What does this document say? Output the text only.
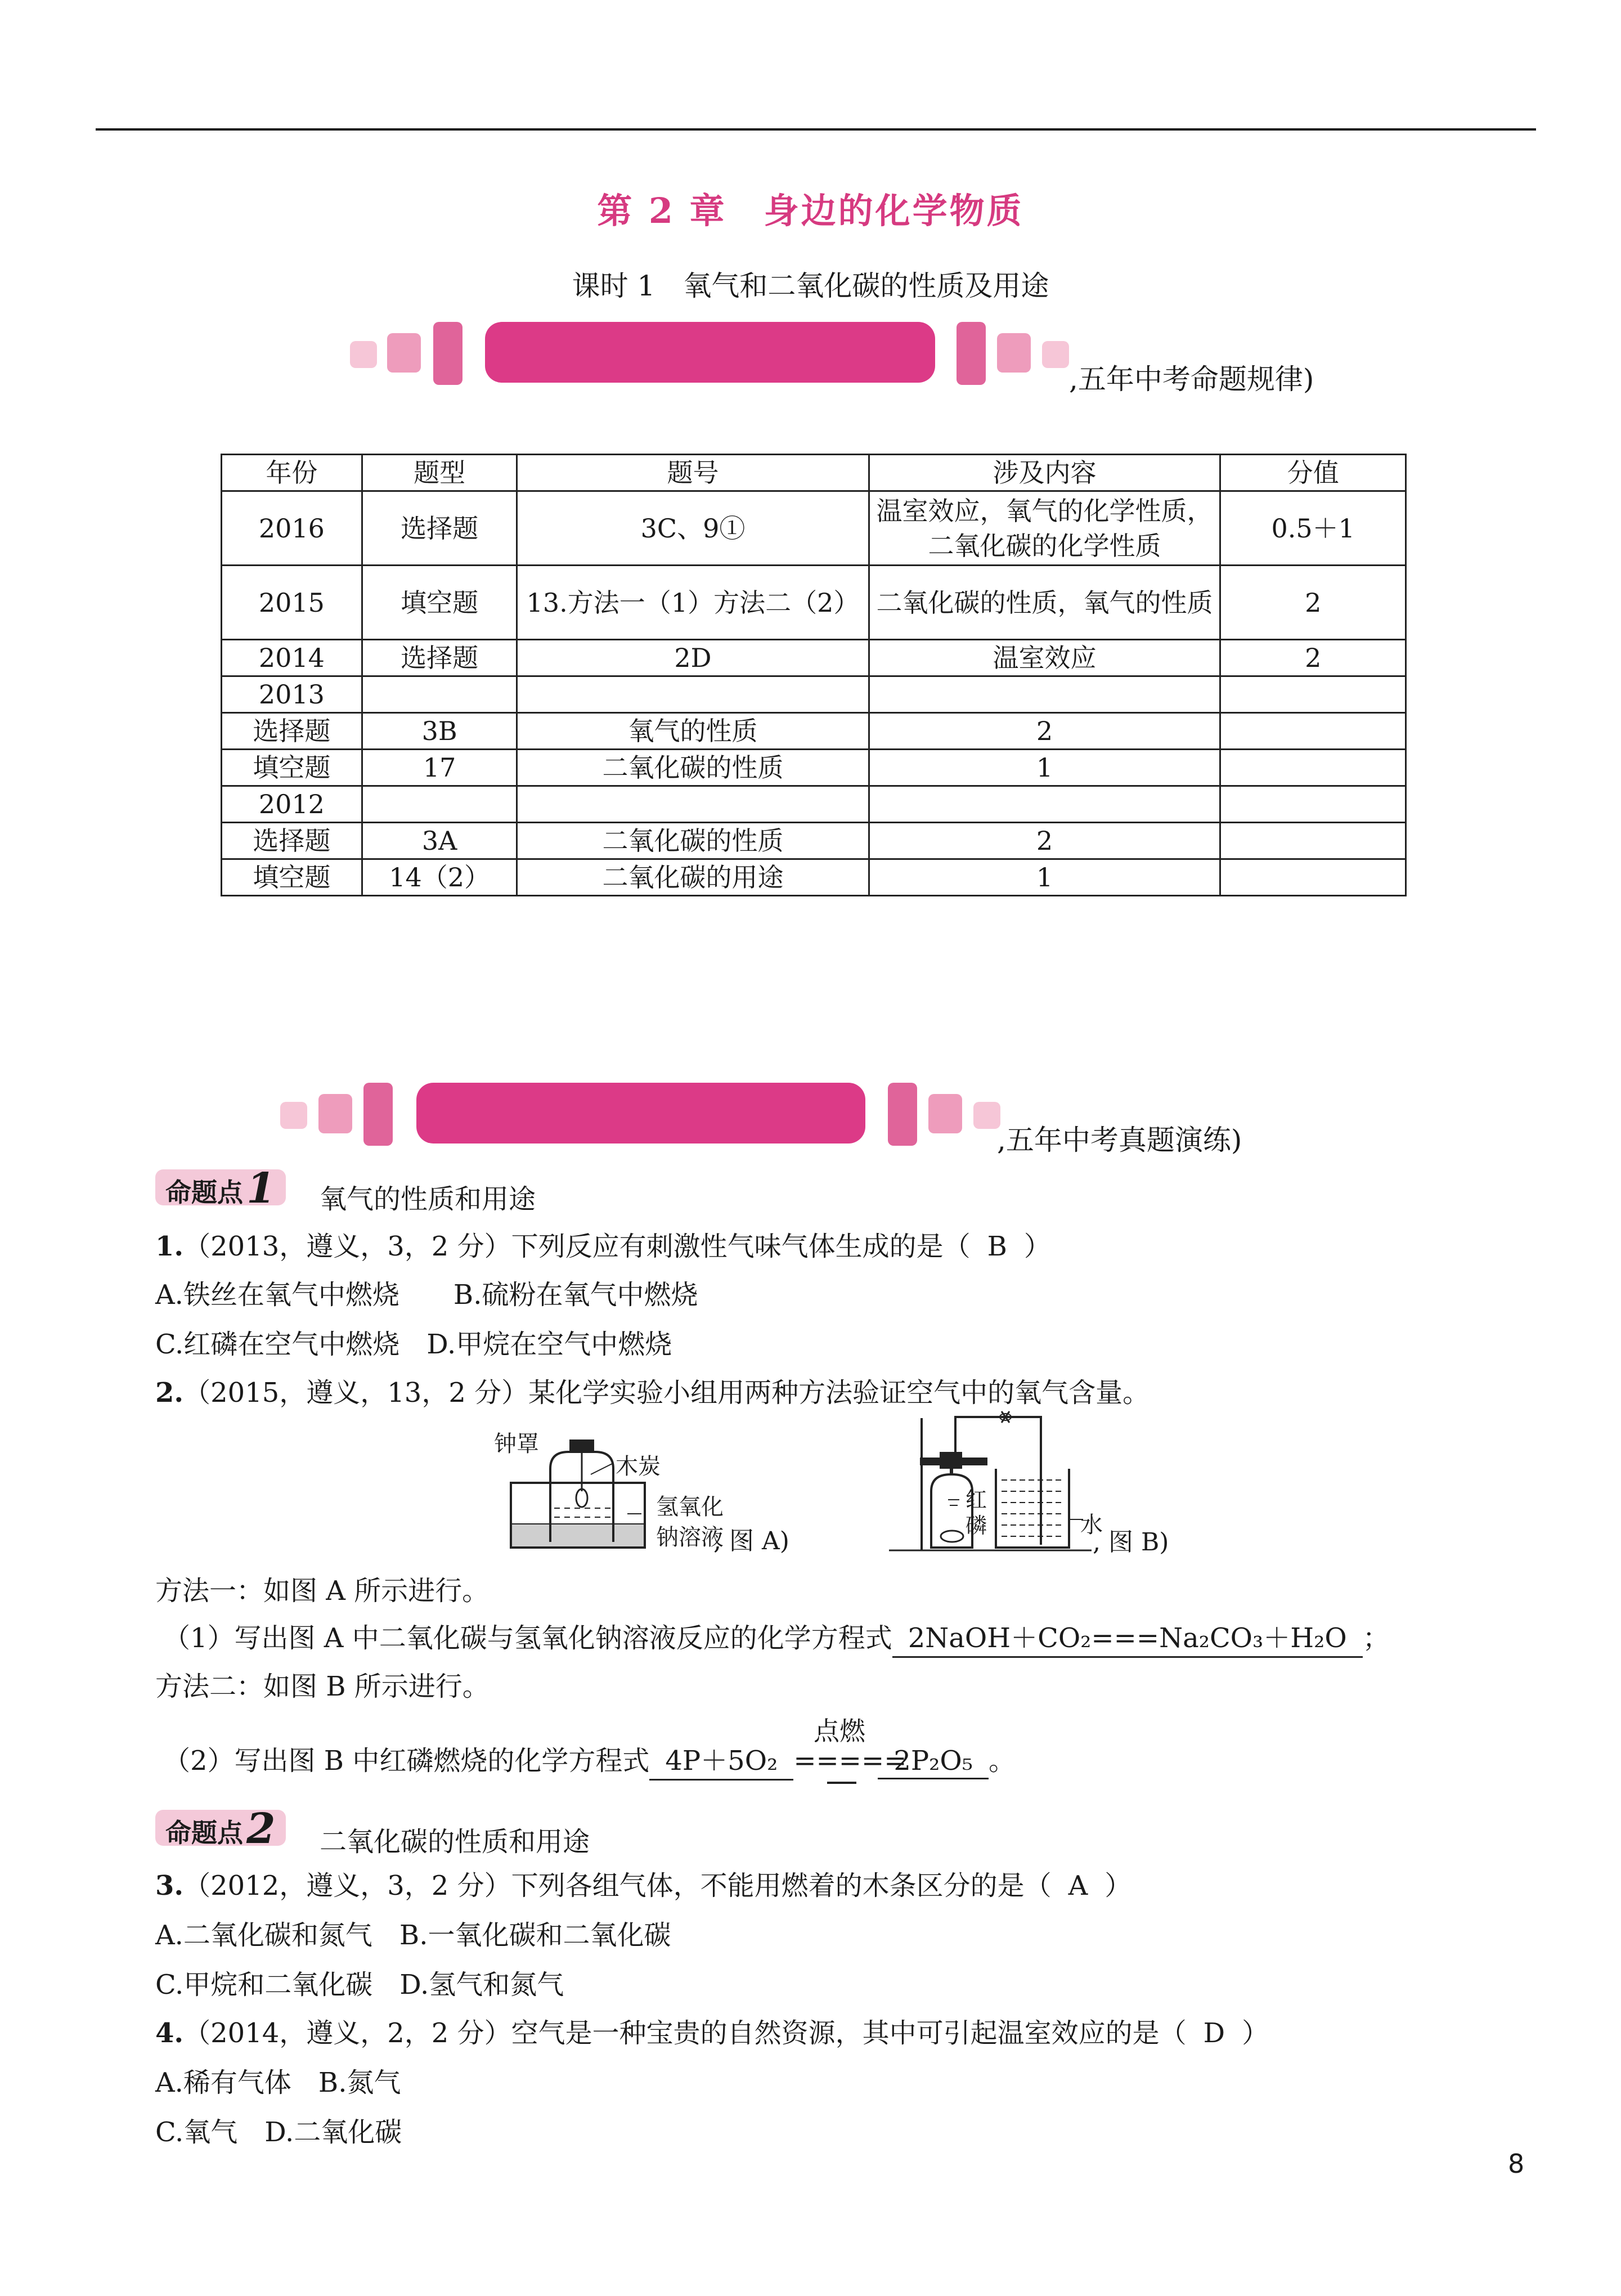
第 2 章　身边的化学物质
课时 1　氧气和二氧化碳的性质及用途
,五年中考命题规律)
年份	题型	题号	涉及内容	分值
2016	选择题	3C、9①	温室效应，氧气的化学性质，二氧化碳的化学性质	0.5＋1
2015	填空题	13.方法一（1）方法二（2）	二氧化碳的性质，氧气的性质	2
2014	选择题	2D	温室效应	2
2013				
选择题	3B	氧气的性质	2	
填空题	17	二氧化碳的性质	1	
2012				
选择题	3A	二氧化碳的性质	2	
填空题	14（2）	二氧化碳的用途	1	
,五年中考真题演练)
命题点1	氧气的性质和用途
1.（2013，遵义，3，2 分）下列反应有刺激性气味气体生成的是（ B ）
A.铁丝在氧气中燃烧　　B.硫粉在氧气中燃烧
C.红磷在空气中燃烧　D.甲烷在空气中燃烧
2.（2015，遵义，13，2 分）某化学实验小组用两种方法验证空气中的氧气含量。
钟罩
木炭
氢氧化
钠溶液
, 图 A)
红
磷	水
, 图 B)
方法一：如图 A 所示进行。
（1）写出图 A 中二氧化碳与氢氧化钠溶液反应的化学方程式 2NaOH＋CO₂===Na₂CO₃＋H₂O ；
方法二：如图 B 所示进行。
（2）写出图 B 中红磷燃烧的化学方程式 4P＋5O₂ =====2P₂O₅ 。
点燃
命题点2	二氧化碳的性质和用途
3.（2012，遵义，3，2 分）下列各组气体，不能用燃着的木条区分的是（ A ）
A.二氧化碳和氮气　B.一氧化碳和二氧化碳
C.甲烷和二氧化碳　D.氢气和氮气
4.（2014，遵义，2，2 分）空气是一种宝贵的自然资源，其中可引起温室效应的是（ D ）
A.稀有气体　B.氮气
C.氧气　D.二氧化碳
8
